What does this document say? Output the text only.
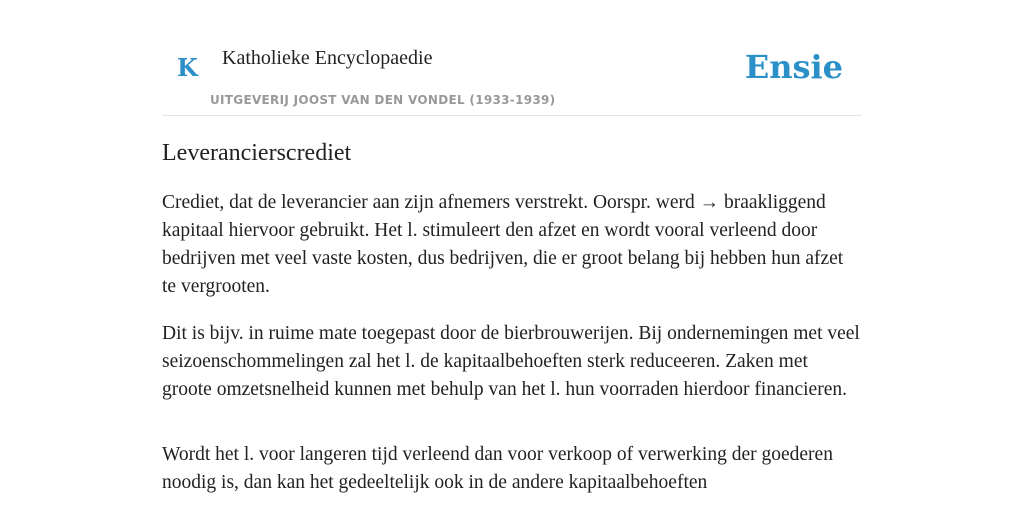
K Katholieke Encyclopaedie

UITGEVERIJ JOOST VAN DEN VONDEL (1933-1939)

Ensie
Leverancierscrediet

Crediet, dat de leverancier aan zijn afnemers verstrekt. Oorspr. werd → braakliggend kapitaal hiervoor gebruikt. Het l. stimuleert den afzet en wordt vooral verleend door bedrijven met veel vaste kosten, dus bedrijven, die er groot belang bij hebben hun afzet te vergrooten.

Dit is bijv. in ruime mate toegepast door de bierbrouwerijen. Bij ondernemingen met veel seizoenschommelingen zal het l. de kapitaalbehoeften sterk reduceeren. Zaken met groote omzetsnelheid kunnen met behulp van het l. hun voorraden hierdoor financieren.

Wordt het l. voor langeren tijd verleend dan voor verkoop of verwerking der goederen noodig is, dan kan het gedeeltelijk ook in de andere kapitaalbehoeften
